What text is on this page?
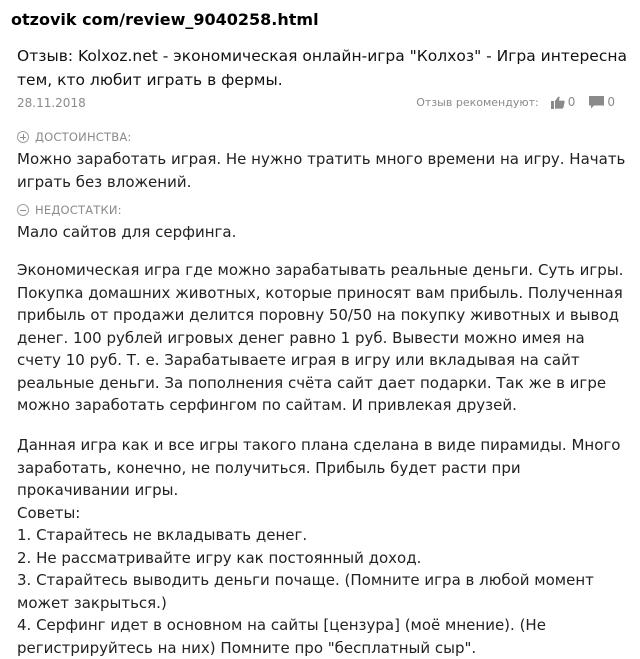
otzovik com/review_9040258.html
Отзыв: Kolxoz.net - экономическая онлайн-игра "Колхоз" - Игра интересна тем, кто любит играть в фермы.
28.11.2018	Отзыв рекомендуют: 0	0
ДОСТОИНСТВА:

Можно заработать играя. Не нужно тратить много времени на игру. Начать играть без вложений.

НЕДОСТАТКИ:

Мало сайтов для серфинга.

Экономическая игра где можно зарабатывать реальные деньги. Суть игры. Покупка домашних животных, которые приносят вам прибыль. Полученная прибыль от продажи делится поровну 50/50 на покупку животных и вывод денег. 100 рублей игровых денег равно 1 руб. Вывести можно имея на счету 10 руб. Т. е. Зарабатываете играя в игру или вкладывая на сайт реальные деньги. За пополнения счёта сайт дает подарки. Так же в игре можно заработать серфингом по сайтам. И привлекая друзей.

Данная игра как и все игры такого плана сделана в виде пирамиды. Много заработать, конечно, не получиться. Прибыль будет расти при прокачивании игры.

Советы:

1. Старайтесь не вкладывать денег.

2. Не рассматривайте игру как постоянный доход.

3. Старайтесь выводить деньги почаще. (Помните игра в любой момент может закрыться.)

4. Серфинг идет в основном на сайты [цензура] (моё мнение). (Не регистрируйтесь на них) Помните про "бесплатный сыр".
